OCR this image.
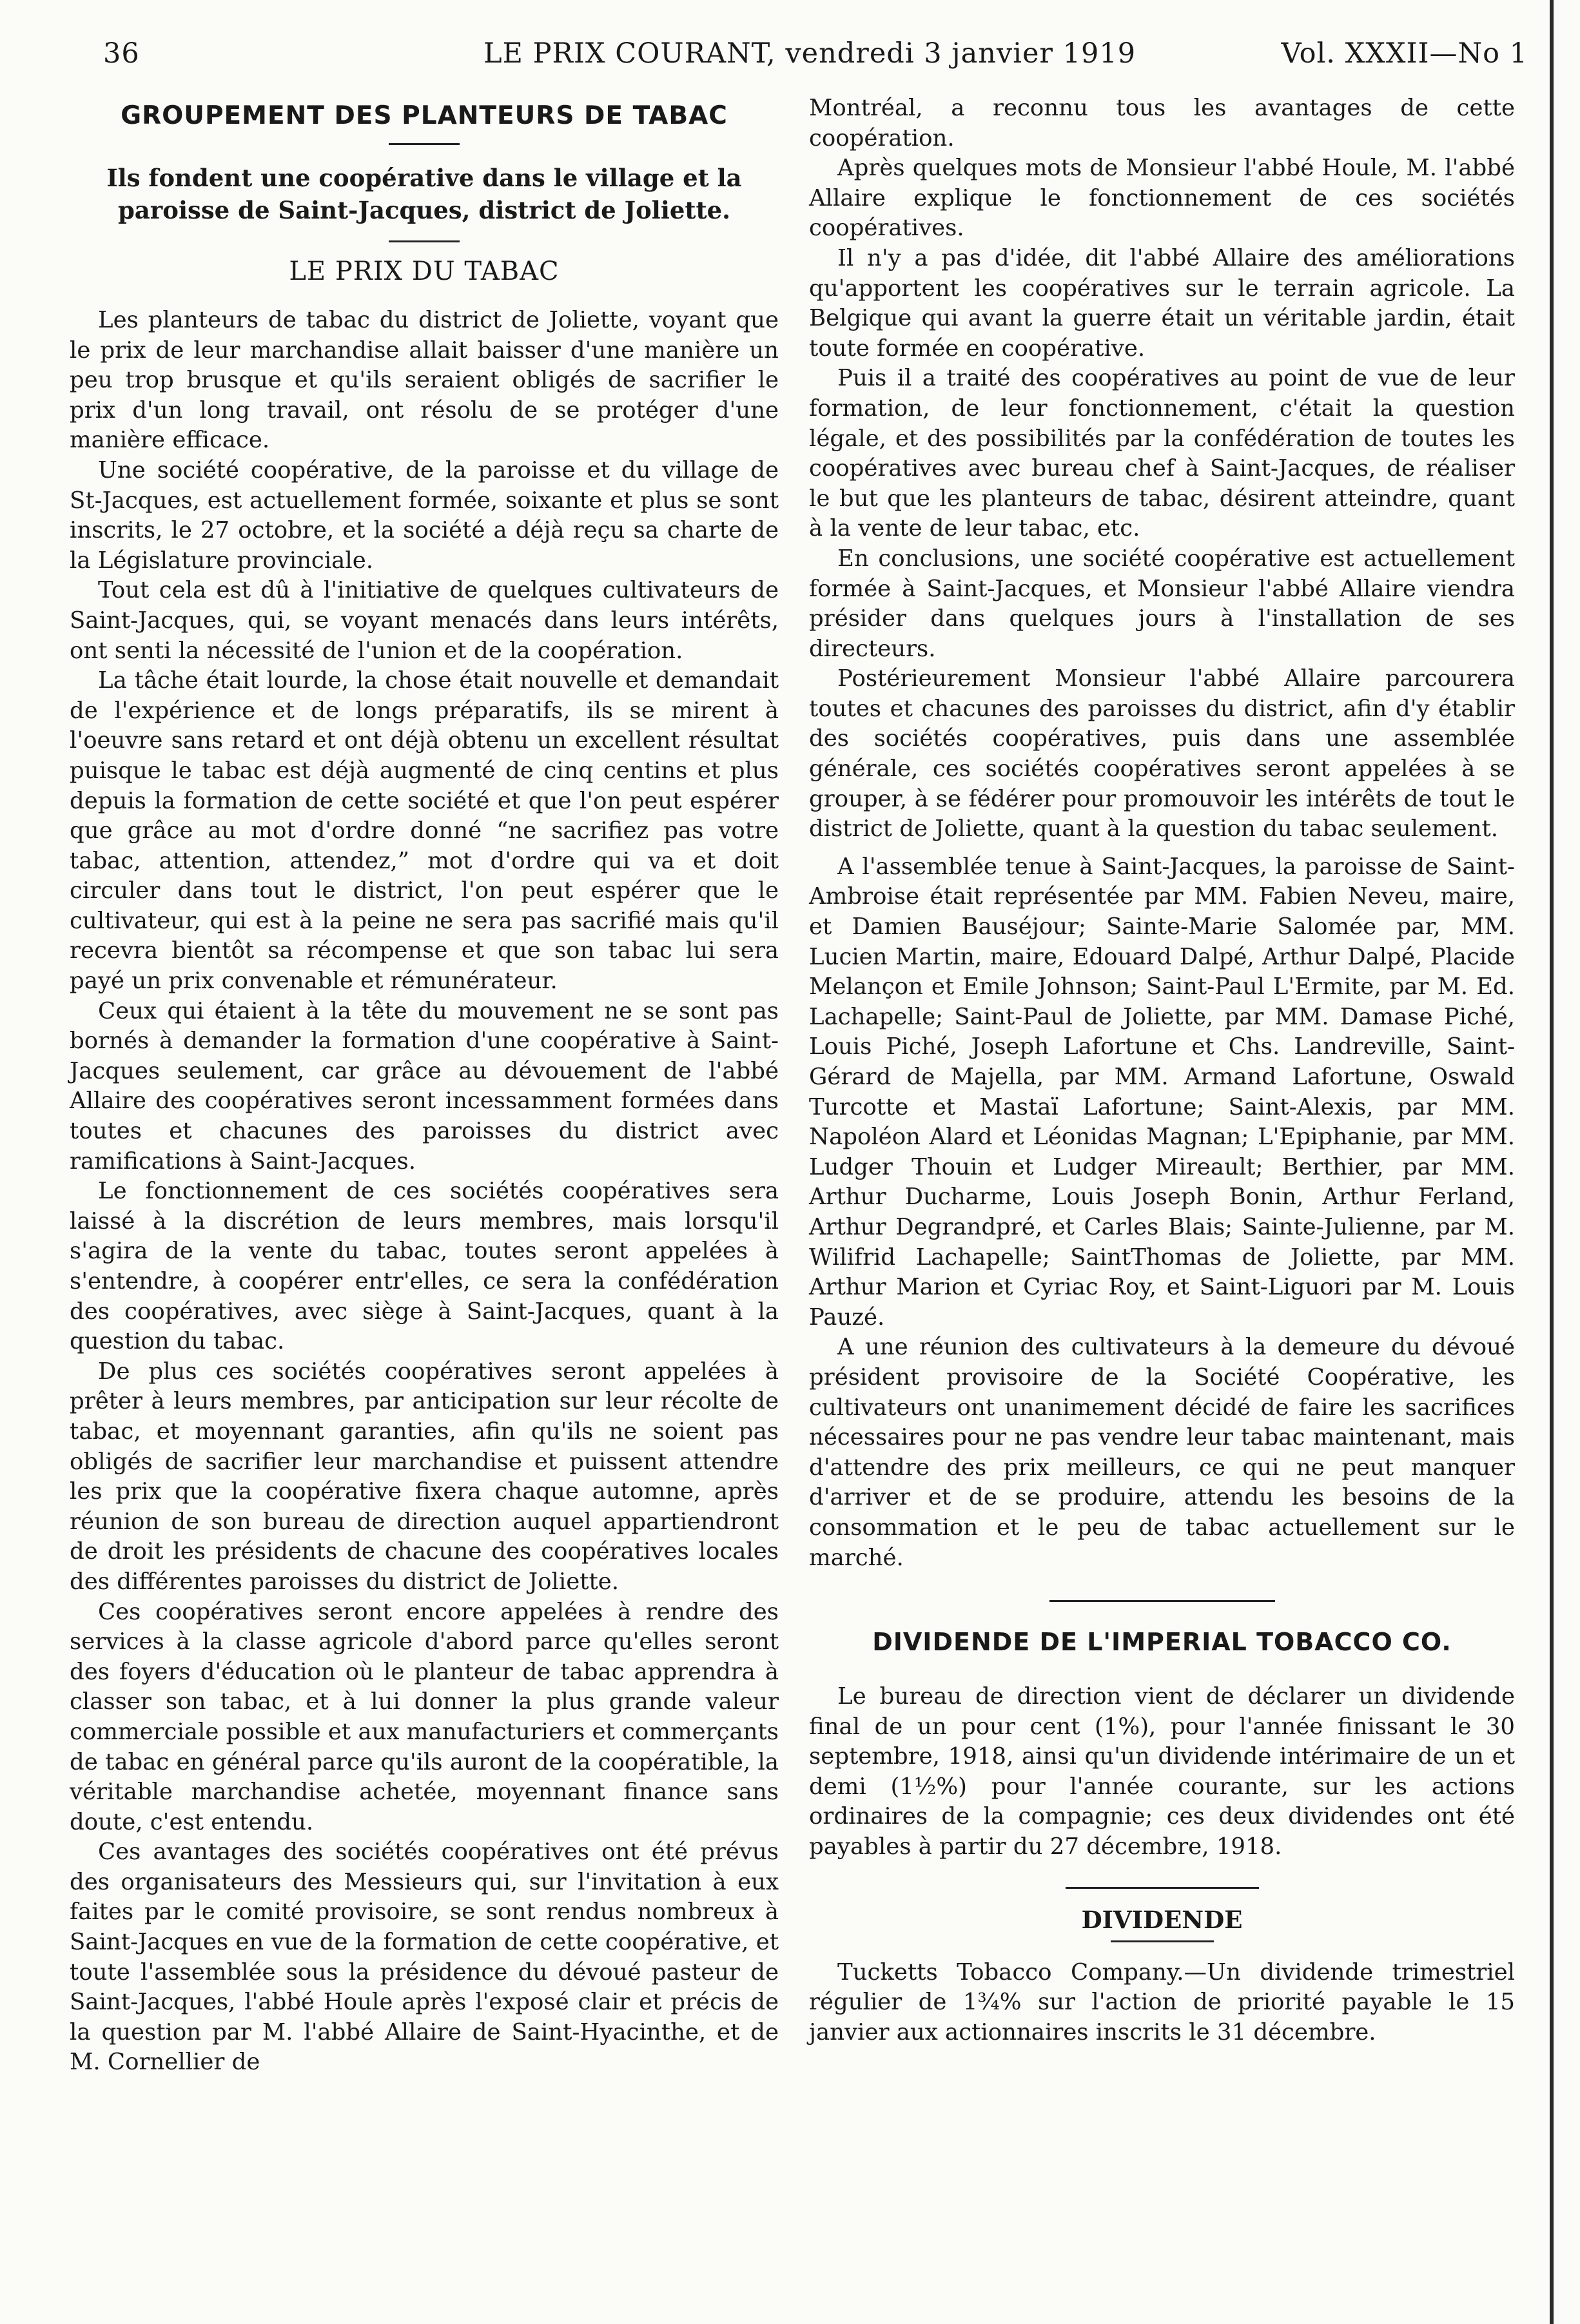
36	LE PRIX COURANT, vendredi 3 janvier 1919	Vol. XXXII—No 1
GROUPEMENT DES PLANTEURS DE TABAC
Ils fondent une coopérative dans le village et la paroisse de Saint-Jacques, district de Joliette.
LE PRIX DU TABAC

Les planteurs de tabac du district de Joliette, voyant que le prix de leur marchandise allait baisser d'une manière un peu trop brusque et qu'ils seraient obligés de sacrifier le prix d'un long travail, ont résolu de se protéger d'une manière efficace.

Une société coopérative, de la paroisse et du village de St-Jacques, est actuellement formée, soixante et plus se sont inscrits, le 27 octobre, et la société a déjà reçu sa charte de la Législature provinciale.

Tout cela est dû à l'initiative de quelques cultivateurs de Saint-Jacques, qui, se voyant menacés dans leurs intérêts, ont senti la nécessité de l'union et de la coopération.

La tâche était lourde, la chose était nouvelle et demandait de l'expérience et de longs préparatifs, ils se mirent à l'oeuvre sans retard et ont déjà obtenu un excellent résultat puisque le tabac est déjà augmenté de cinq centins et plus depuis la formation de cette société et que l'on peut espérer que grâce au mot d'ordre donné “ne sacrifiez pas votre tabac, attention, attendez,” mot d'ordre qui va et doit circuler dans tout le district, l'on peut espérer que le cultivateur, qui est à la peine ne sera pas sacrifié mais qu'il recevra bientôt sa récompense et que son tabac lui sera payé un prix convenable et rémunérateur.

Ceux qui étaient à la tête du mouvement ne se sont pas bornés à demander la formation d'une coopérative à Saint-Jacques seulement, car grâce au dévouement de l'abbé Allaire des coopératives seront incessamment formées dans toutes et chacunes des paroisses du district avec ramifications à Saint-Jacques.

Le fonctionnement de ces sociétés coopératives sera laissé à la discrétion de leurs membres, mais lorsqu'il s'agira de la vente du tabac, toutes seront appelées à s'entendre, à coopérer entr'elles, ce sera la confédération des coopératives, avec siège à Saint-Jacques, quant à la question du tabac.

De plus ces sociétés coopératives seront appelées à prêter à leurs membres, par anticipation sur leur récolte de tabac, et moyennant garanties, afin qu'ils ne soient pas obligés de sacrifier leur marchandise et puissent attendre les prix que la coopérative fixera chaque automne, après réunion de son bureau de direction auquel appartiendront de droit les présidents de chacune des coopératives locales des différentes paroisses du district de Joliette.

Ces coopératives seront encore appelées à rendre des services à la classe agricole d'abord parce qu'elles seront des foyers d'éducation où le planteur de tabac apprendra à classer son tabac, et à lui donner la plus grande valeur commerciale possible et aux manufacturiers et commerçants de tabac en général parce qu'ils auront de la coopératible, la véritable marchandise achetée, moyennant finance sans doute, c'est entendu.

Ces avantages des sociétés coopératives ont été prévus des organisateurs des Messieurs qui, sur l'invitation à eux faites par le comité provisoire, se sont rendus nombreux à Saint-Jacques en vue de la formation de cette coopérative, et toute l'assemblée sous la présidence du dévoué pasteur de Saint-Jacques, l'abbé Houle après l'exposé clair et précis de la question par M. l'abbé Allaire de Saint-Hyacinthe, et de M. Cornellier de

Montréal, a reconnu tous les avantages de cette coopération.

Après quelques mots de Monsieur l'abbé Houle, M. l'abbé Allaire explique le fonctionnement de ces sociétés coopératives.

Il n'y a pas d'idée, dit l'abbé Allaire des améliorations qu'apportent les coopératives sur le terrain agricole. La Belgique qui avant la guerre était un véritable jardin, était toute formée en coopérative.

Puis il a traité des coopératives au point de vue de leur formation, de leur fonctionnement, c'était la question légale, et des possibilités par la confédération de toutes les coopératives avec bureau chef à Saint-Jacques, de réaliser le but que les planteurs de tabac, désirent atteindre, quant à la vente de leur tabac, etc.

En conclusions, une société coopérative est actuellement formée à Saint-Jacques, et Monsieur l'abbé Allaire viendra présider dans quelques jours à l'installation de ses directeurs.

Postérieurement Monsieur l'abbé Allaire parcourera toutes et chacunes des paroisses du district, afin d'y établir des sociétés coopératives, puis dans une assemblée générale, ces sociétés coopératives seront appelées à se grouper, à se fédérer pour promouvoir les intérêts de tout le district de Joliette, quant à la question du tabac seulement.

A l'assemblée tenue à Saint-Jacques, la paroisse de Saint-Ambroise était représentée par MM. Fabien Neveu, maire, et Damien Bauséjour; Sainte-Marie Salomée par, MM. Lucien Martin, maire, Edouard Dalpé, Arthur Dalpé, Placide Melançon et Emile Johnson; Saint-Paul L'Ermite, par M. Ed. Lachapelle; Saint-Paul de Joliette, par MM. Damase Piché, Louis Piché, Joseph Lafortune et Chs. Landreville, Saint-Gérard de Majella, par MM. Armand Lafortune, Oswald Turcotte et Mastaï Lafortune; Saint-Alexis, par MM. Napoléon Alard et Léonidas Magnan; L'Epiphanie, par MM. Ludger Thouin et Ludger Mireault; Berthier, par MM. Arthur Ducharme, Louis Joseph Bonin, Arthur Ferland, Arthur Degrandpré, et Carles Blais; Sainte-Julienne, par M. Wilifrid Lachapelle; SaintThomas de Joliette, par MM. Arthur Marion et Cyriac Roy, et Saint-Liguori par M. Louis Pauzé.

A une réunion des cultivateurs à la demeure du dévoué président provisoire de la Société Coopérative, les cultivateurs ont unanimement décidé de faire les sacrifices nécessaires pour ne pas vendre leur tabac maintenant, mais d'attendre des prix meilleurs, ce qui ne peut manquer d'arriver et de se produire, attendu les besoins de la consommation et le peu de tabac actuellement sur le marché.

DIVIDENDE DE L'IMPERIAL TOBACCO CO.

Le bureau de direction vient de déclarer un dividende final de un pour cent (1%), pour l'année finissant le 30 septembre, 1918, ainsi qu'un dividende intérimaire de un et demi (1½%) pour l'année courante, sur les actions ordinaires de la compagnie; ces deux dividendes ont été payables à partir du 27 décembre, 1918.

DIVIDENDE

Tucketts Tobacco Company.—Un dividende trimestriel régulier de 1¾% sur l'action de priorité payable le 15 janvier aux actionnaires inscrits le 31 décembre.
